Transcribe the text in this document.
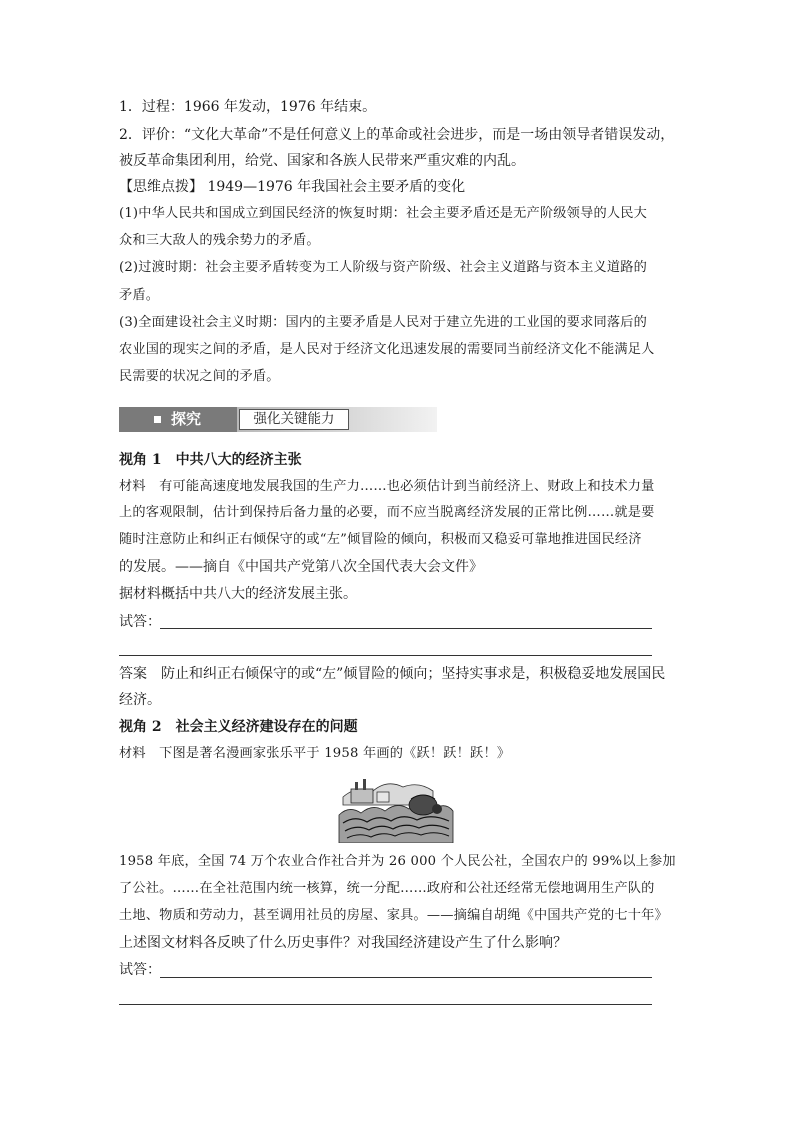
1．过程：1966 年发动，1976 年结束。
2．评价：“文化大革命”不是任何意义上的革命或社会进步，而是一场由领导者错误发动，
被反革命集团利用，给党、国家和各族人民带来严重灾难的内乱。
【思维点拨】 1949—1976 年我国社会主要矛盾的变化
(1)中华人民共和国成立到国民经济的恢复时期：社会主要矛盾还是无产阶级领导的人民大
众和三大敌人的残余势力的矛盾。
(2)过渡时期：社会主要矛盾转变为工人阶级与资产阶级、社会主义道路与资本主义道路的
矛盾。
(3)全面建设社会主义时期：国内的主要矛盾是人民对于建立先进的工业国的要求同落后的
农业国的现实之间的矛盾，是人民对于经济文化迅速发展的需要同当前经济文化不能满足人
民需要的状况之间的矛盾。
探究	强化关键能力
视角 1　中共八大的经济主张
材料　有可能高速度地发展我国的生产力……也必须估计到当前经济上、财政上和技术力量
上的客观限制，估计到保持后备力量的必要，而不应当脱离经济发展的正常比例……就是要
随时注意防止和纠正右倾保守的或“左”倾冒险的倾向，积极而又稳妥可靠地推进国民经济
的发展。——摘自《中国共产党第八次全国代表大会文件》
据材料概括中共八大的经济发展主张。
试答：
答案　防止和纠正右倾保守的或“左”倾冒险的倾向；坚持实事求是，积极稳妥地发展国民
经济。
视角 2　社会主义经济建设存在的问题
材料　下图是著名漫画家张乐平于 1958 年画的《跃！跃！跃！》
1958 年底，全国 74 万个农业合作社合并为 26 000 个人民公社，全国农户的 99%以上参加
了公社。……在全社范围内统一核算，统一分配……政府和公社还经常无偿地调用生产队的
土地、物质和劳动力，甚至调用社员的房屋、家具。——摘编自胡绳《中国共产党的七十年》
上述图文材料各反映了什么历史事件？对我国经济建设产生了什么影响？
试答：
